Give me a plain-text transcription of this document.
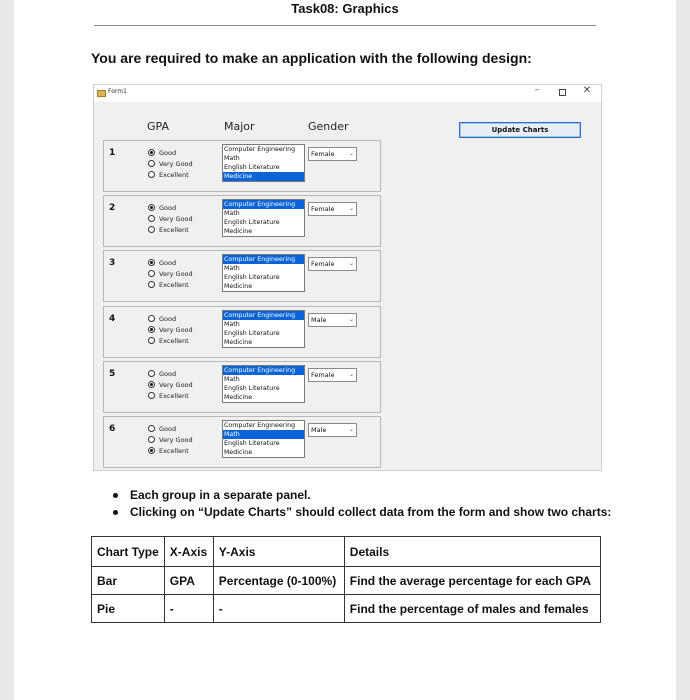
Task08: Graphics
You are required to make an application with the following design:
Form1	–	✕
GPA	Major	Gender	Update Charts
1	Good
Very Good
Excellent
Computer Engineering
Math
English Literature
Medicine
Female ⌄
2	Good
Very Good
Excellent
Computer Engineering
Math
English Literature
Medicine
Female ⌄
3	Good
Very Good
Excellent
Computer Engineering
Math
English Literature
Medicine
Female ⌄
4	Good
Very Good
Excellent
Computer Engineering
Math
English Literature
Medicine
Male	⌄
5	Good
Very Good
Excellent
Computer Engineering
Math
English Literature
Medicine
Female ⌄
6	Good
Very Good
Excellent
Computer Engineering
Math
English Literature
Medicine
Male	⌄
Each group in a separate panel.
Clicking on “Update Charts” should collect data from the form and show two charts:
Chart Type	X-Axis	Y-Axis	Details
Bar	GPA	Percentage (0-100%)	Find the average percentage for each GPA
Pie	-	-	Find the percentage of males and females
